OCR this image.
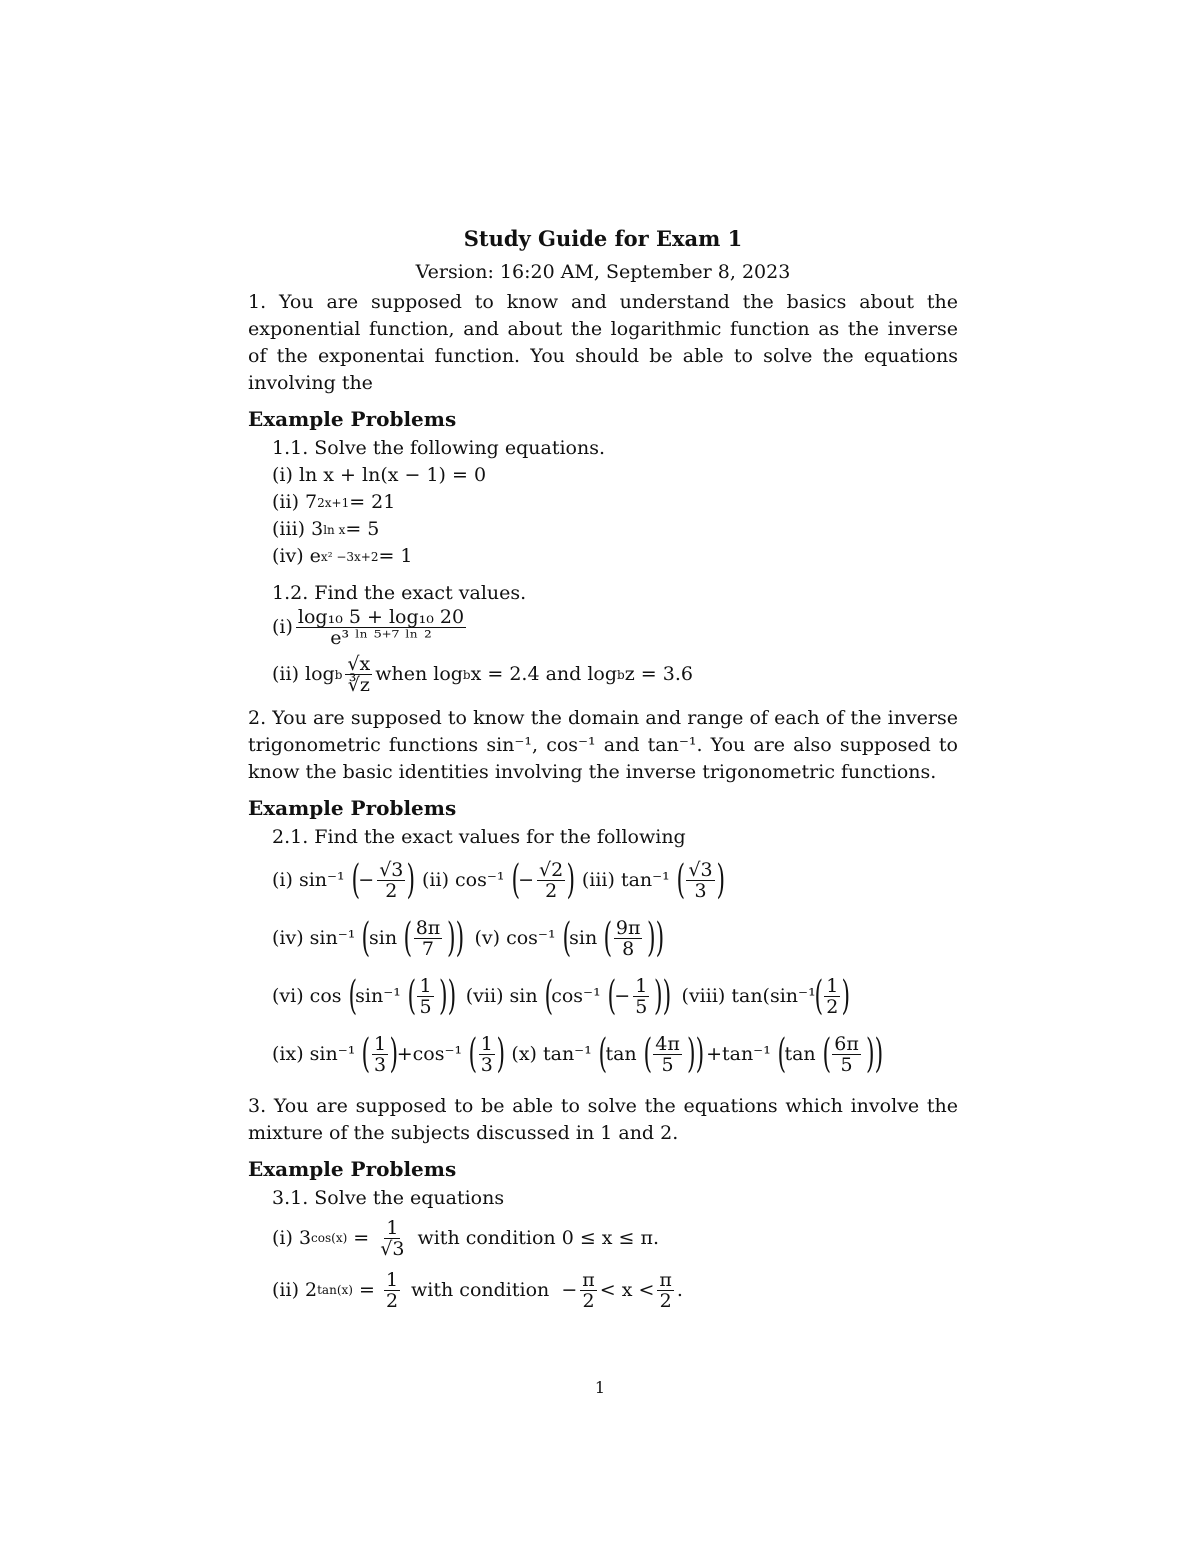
Study Guide for Exam 1
Version: 16:20 AM, September 8, 2023

1. You are supposed to know and understand the basics about the exponential function, and about the logarithmic function as the inverse of the exponentai function. You should be able to solve the equations involving the

Example Problems
1.1. Solve the following equations.
(i) ln x + ln(x − 1) = 0
(ii) 7 2x+1 = 21
(iii) 3 ln x = 5
(iv) e x² −3x+2 = 1
1.2. Find the exact values.
$(i) \frac{\text{log₁₀ 5 + log₁₀ 20}}{\text{e³ ˡⁿ ⁵⁺⁷ ˡⁿ ²}}$
(ii) log b $\frac{√x}{∛z}$ when log b x = 2.4 and log b z = 3.6

2. You are supposed to know the domain and range of each of the inverse trigonometric functions sin⁻¹, cos⁻¹ and tan⁻¹. You are also supposed to know the basic identities involving the inverse trigonometric functions.

Example Problems
2.1. Find the exact values for the following
(i) sin⁻¹ (
− $\frac{√3}{2}$ ) (ii) cos⁻¹ (
− $\frac{√2}{2}$ ) (iii) tan⁻¹ ( $\frac{√3}{3}$ )
(iv) sin⁻¹ (
sin ( $\frac{8\pi}{7}$ )) (v) cos⁻¹ (
sin ( $\frac{9\pi}{8}$ ))
(vi) cos (
sin⁻¹ ( $\frac{1}{5}$ )) (vii) sin (
cos⁻¹ (
− $\frac{1}{5}$ )) (viii) tan(sin⁻¹
( $\frac{1}{2}$ )
(ix) sin⁻¹ ( $\frac{1}{3}$ )
+cos⁻¹ ( $\frac{1}{3}$ ) (x) tan⁻¹ (
tan ( $\frac{4\pi}{5}$ )) +tan⁻¹ (
tan ( $\frac{6\pi}{5}$ ))

3. You are supposed to be able to solve the equations which involve the mixture of the subjects discussed in 1 and 2.

Example Problems
3.1. Solve the equations
(i) 3 $\cos(x) = \frac{1}{√3}$ with condition 0 ≤ x ≤ π.
(ii) 2 $\tan(x) = \frac{1}{2}$ with condition  − $\frac{\pi}{2} < x < \frac{\pi}{2}$ .
1
